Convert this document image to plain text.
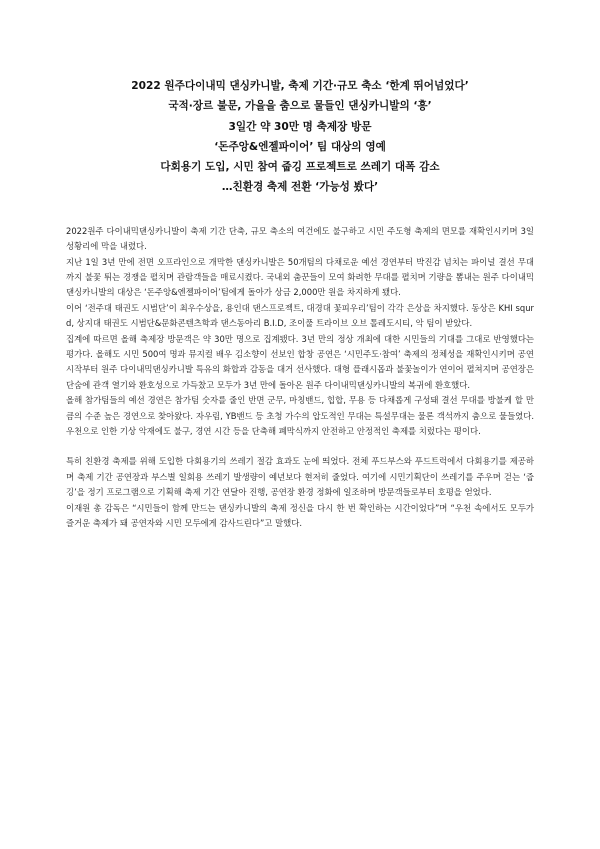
2022 원주다이내믹 댄싱카니발, 축제 기간·규모 축소 ‘한계 뛰어넘었다’
국적·장르 불문, 가을을 춤으로 물들인 댄싱카니발의 ‘흥’
3일간 약 30만 명 축제장 방문
‘돈주앙&엔젤파이어’ 팀 대상의 영예
다회용기 도입, 시민 참여 줍깅 프로젝트로 쓰레기 대폭 감소
…친환경 축제 전환 ‘가능성 봤다’

2022원주 다이내믹댄싱카니발이 축제 기간 단축, 규모 축소의 여건에도 불구하고 시민 주도형 축제의 면모를 재확인시키며 3일 성황리에 막을 내렸다.

지난 1일 3년 만에 전면 오프라인으로 개막한 댄싱카니발은 50개팀의 다채로운 예선 경연부터 박진감 넘치는 파이널 결선 무대까지 불꽃 튀는 경쟁을 펼치며 관람객들을 매료시켰다. 국내외 춤꾼들이 모여 화려한 무대를 펼치며 기량을 뽐내는 원주 다이내믹댄싱카니발의 대상은 ‘돈주앙&엔젤파이어’팀에게 돌아가 상금 2,000만 원을 차지하게 됐다.

이어 ‘전주대 태권도 시범단’이 최우수상을, 용인대 댄스프로젝트, 대경대 꽃피우리’팀이 각각 은상을 차지했다. 동상은 KHI squrd, 상지대 태권도 시범단&문화콘텐츠학과 댄스동아리 B.I.D, 조이풀 트라이브 오브 톨레도시티, 악 팀이 받았다.

집계에 따르면 올해 축제장 방문객은 약 30만 명으로 집계됐다. 3년 만의 정상 개최에 대한 시민들의 기대를 그대로 반영했다는 평가다. 올해도 시민 500여 명과 뮤지컬 배우 김소향이 선보인 합창 공연은 ‘시민주도·참여’ 축제의 정체성을 재확인시키며 공연 시작부터 원주 다이내믹댄싱카니발 특유의 화합과 감동을 대거 선사했다. 대형 플래시몹과 불꽃놀이가 연이어 펼쳐지며 공연장은 단숨에 관객 열기와 환호성으로 가득찼고 모두가 3년 만에 돌아온 원주 다이내믹댄싱카니발의 복귀에 환호했다.

올해 참가팀들의 예선 경연은 참가팀 숫자를 줄인 반면 군무, 마칭밴드, 힙합, 무용 등 다채롭게 구성돼 결선 무대를 방불케 할 만큼의 수준 높은 경연으로 찾아왔다. 자우림, YB밴드 등 초청 가수의 압도적인 무대는 특설무대는 물론 객석까지 춤으로 물들였다. 우천으로 인한 기상 악재에도 불구, 경연 시간 등을 단축해 폐막식까지 안전하고 안정적인 축제를 치렀다는 평이다.

특히 친환경 축제를 위해 도입한 다회용기의 쓰레기 절감 효과도 눈에 띄었다. 전체 푸드부스와 푸드트럭에서 다회용기를 제공하며 축제 기간 공연장과 부스별 일회용 쓰레기 발생량이 예년보다 현저히 줄었다. 여기에 시민기획단이 쓰레기를 주우며 걷는 ‘줍깅’을 정기 프로그램으로 기획해 축제 기간 연달아 진행, 공연장 환경 정화에 일조하며 방문객들로부터 호평을 얻었다.

이재원 총 감독은 “시민들이 함께 만드는 댄싱카니발의 축제 정신을 다시 한 번 확인하는 시간이었다”며 “우천 속에서도 모두가 즐거운 축제가 돼 공연자와 시민 모두에게 감사드린다”고 말했다.
